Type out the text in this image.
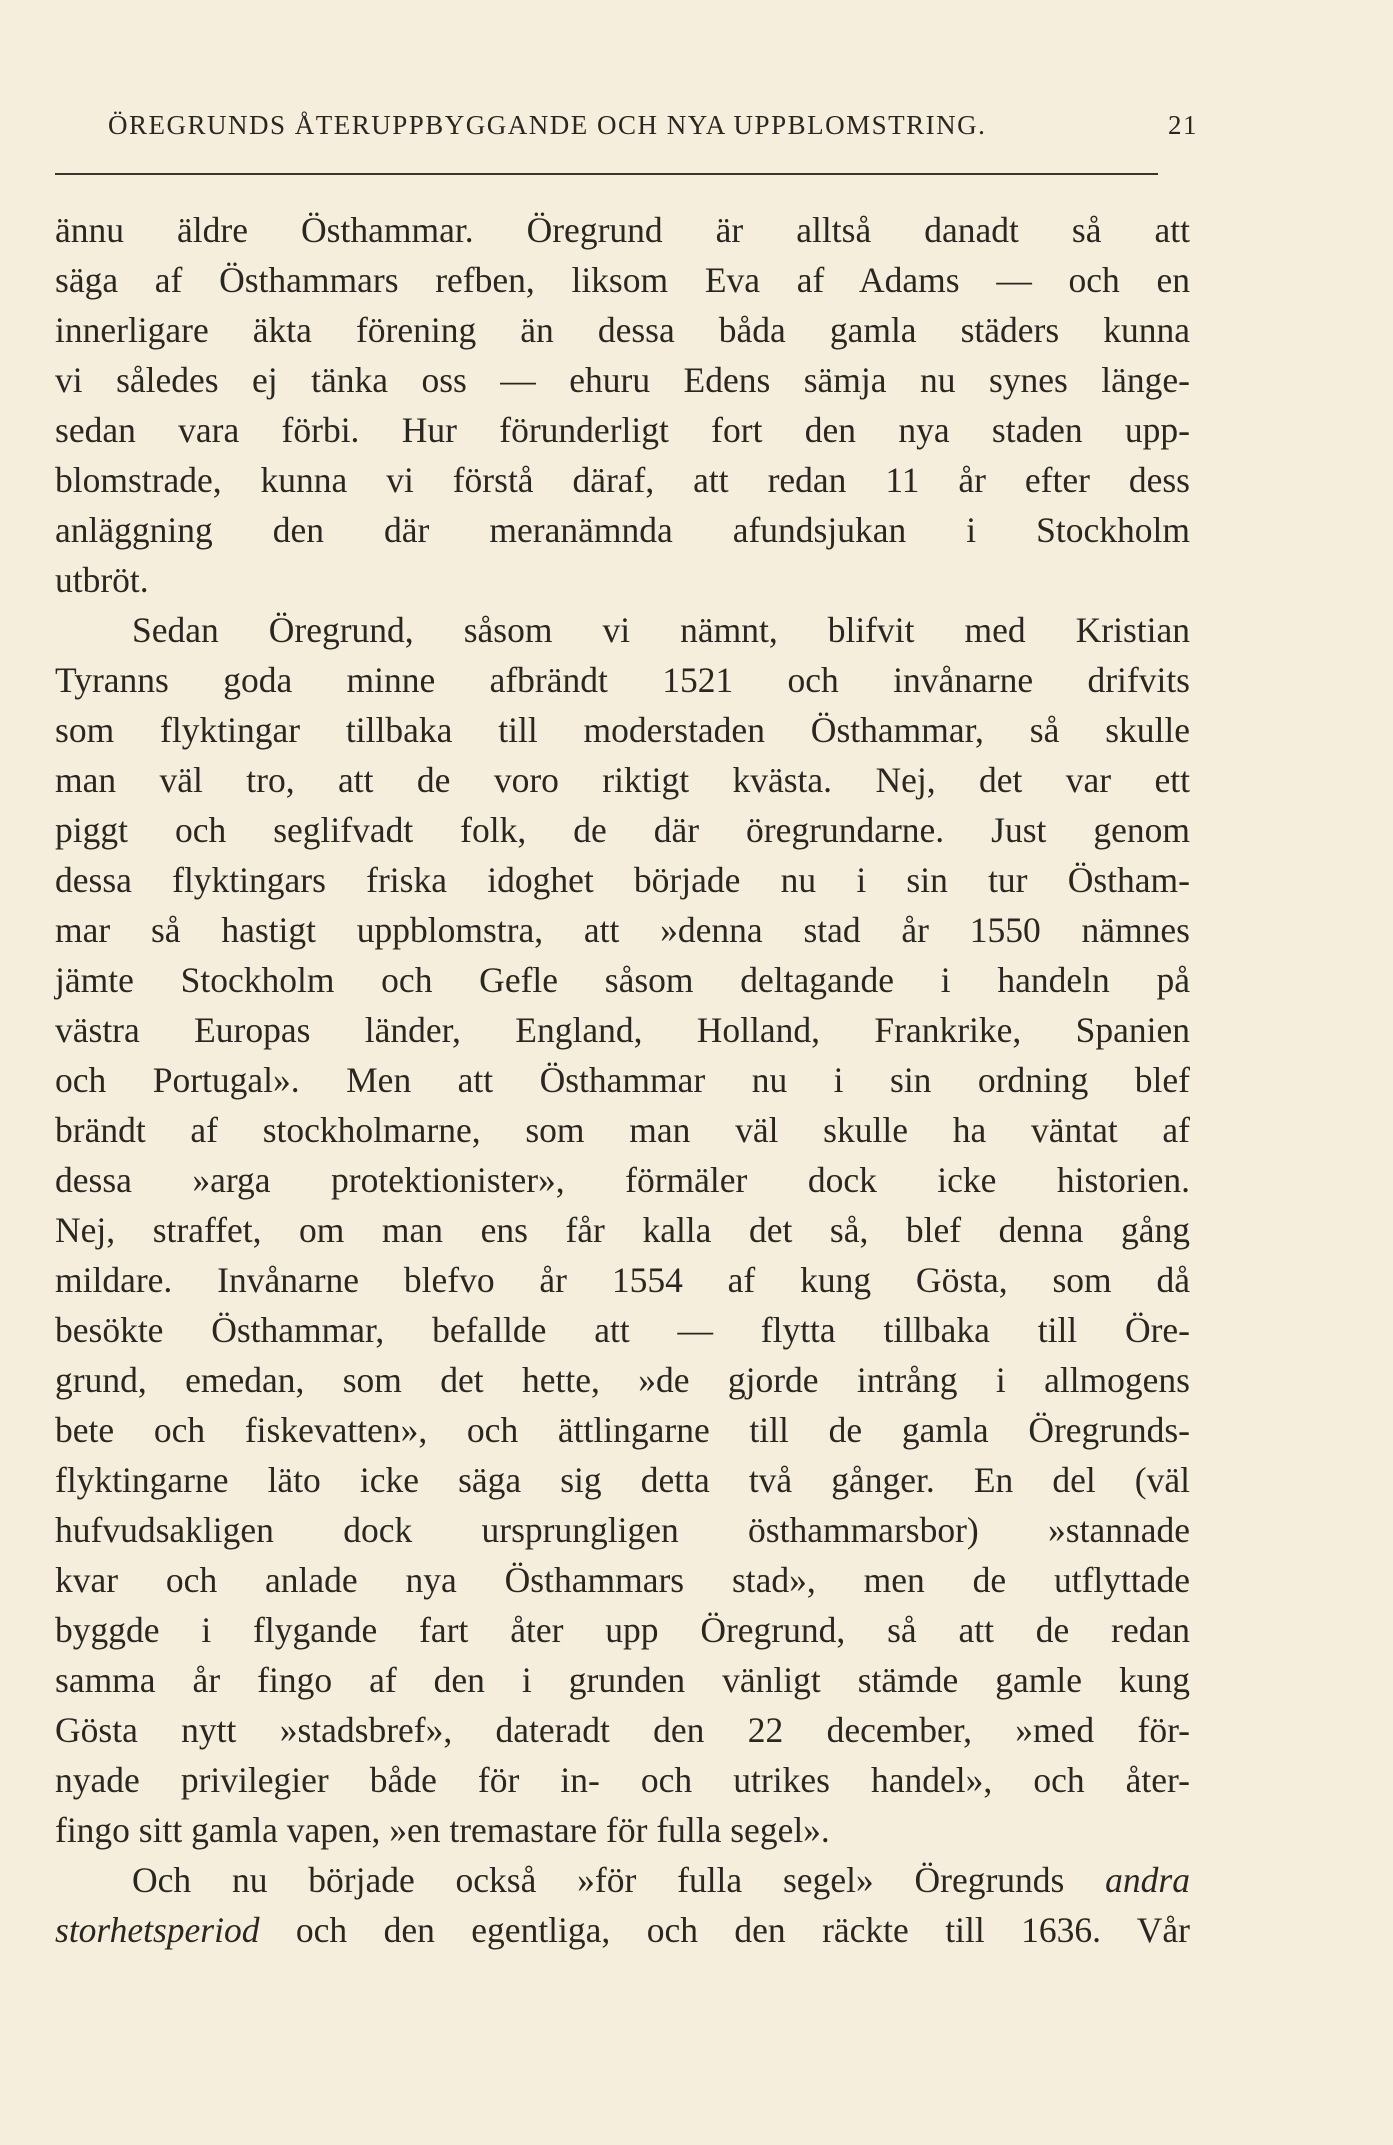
ÖREGRUNDS ÅTERUPPBYGGANDE OCH NYA UPPBLOMSTRING.	21
ännu äldre Östhammar. Öregrund är alltså danadt så att
säga af Östhammars refben, liksom Eva af Adams — och en
innerligare äkta förening än dessa båda gamla städers kunna
vi således ej tänka oss — ehuru Edens sämja nu synes länge-
sedan vara förbi. Hur förunderligt fort den nya staden upp-
blomstrade, kunna vi förstå däraf, att redan 11 år efter dess
anläggning den där meranämnda afundsjukan i Stockholm
utbröt.
Sedan Öregrund, såsom vi nämnt, blifvit med Kristian
Tyranns goda minne afbrändt 1521 och invånarne drifvits
som flyktingar tillbaka till moderstaden Östhammar, så skulle
man väl tro, att de voro riktigt kvästa. Nej, det var ett
piggt och seglifvadt folk, de där öregrundarne. Just genom
dessa flyktingars friska idoghet började nu i sin tur Östham-
mar så hastigt uppblomstra, att »denna stad år 1550 nämnes
jämte Stockholm och Gefle såsom deltagande i handeln på
västra Europas länder, England, Holland, Frankrike, Spanien
och Portugal». Men att Östhammar nu i sin ordning blef
brändt af stockholmarne, som man väl skulle ha väntat af
dessa »arga protektionister», förmäler dock icke historien.
Nej, straffet, om man ens får kalla det så, blef denna gång
mildare. Invånarne blefvo år 1554 af kung Gösta, som då
besökte Östhammar, befallde att — flytta tillbaka till Öre-
grund, emedan, som det hette, »de gjorde intrång i allmogens
bete och fiskevatten», och ättlingarne till de gamla Öregrunds-
flyktingarne läto icke säga sig detta två gånger. En del (väl
hufvudsakligen dock ursprungligen östhammarsbor) »stannade
kvar och anlade nya Östhammars stad», men de utflyttade
byggde i flygande fart åter upp Öregrund, så att de redan
samma år fingo af den i grunden vänligt stämde gamle kung
Gösta nytt »stadsbref», dateradt den 22 december, »med för-
nyade privilegier både för in- och utrikes handel», och åter-
fingo sitt gamla vapen, »en tremastare för fulla segel».
Och nu började också »för fulla segel» Öregrunds andra
storhetsperiod och den egentliga, och den räckte till 1636. Vår
